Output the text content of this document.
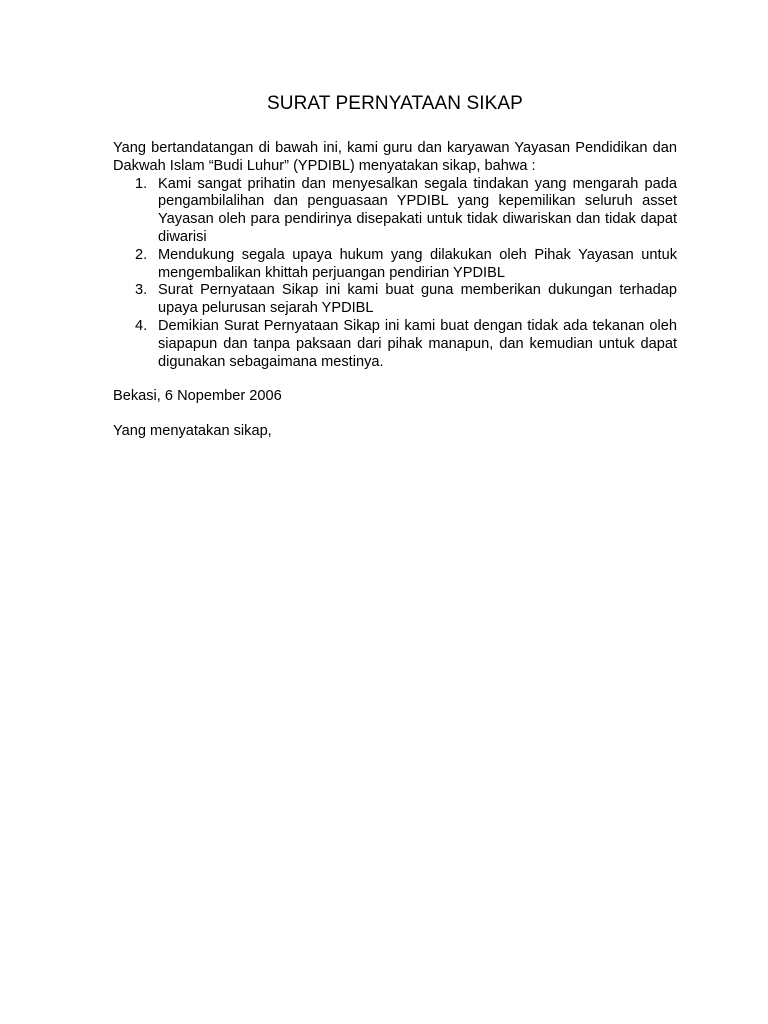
SURAT PERNYATAAN SIKAP

Yang bertandatangan di bawah ini, kami guru dan karyawan Yayasan Pendidikan dan Dakwah Islam “Budi Luhur” (YPDIBL) menyatakan sikap, bahwa :

1. Kami sangat prihatin dan menyesalkan segala tindakan yang mengarah pada pengambilalihan dan penguasaan YPDIBL yang kepemilikan seluruh asset Yayasan oleh para pendirinya disepakati untuk tidak diwariskan dan tidak dapat diwarisi
2. Mendukung segala upaya hukum yang dilakukan oleh Pihak Yayasan untuk mengembalikan khittah perjuangan pendirian YPDIBL
3. Surat Pernyataan Sikap ini kami buat guna memberikan dukungan terhadap upaya pelurusan sejarah YPDIBL
4. Demikian Surat Pernyataan Sikap ini kami buat dengan tidak ada tekanan oleh siapapun dan tanpa paksaan dari pihak manapun, dan kemudian untuk dapat digunakan sebagaimana mestinya.

Bekasi, 6 Nopember 2006

Yang menyatakan sikap,
